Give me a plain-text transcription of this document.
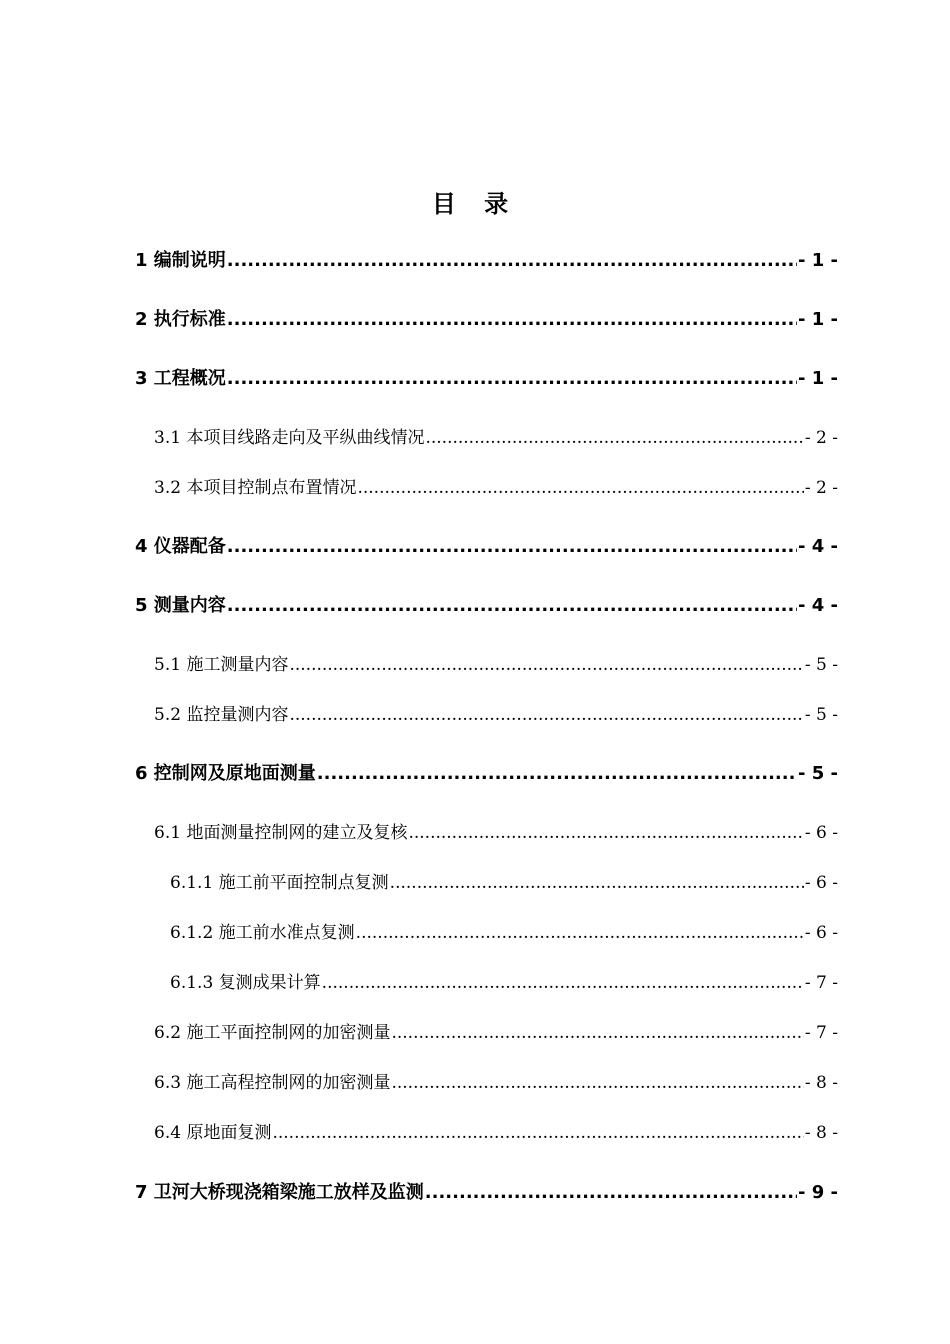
目 录
1 编制说明 .....	- 1 -
2 执行标准 .....	- 1 -
3 工程概况 .....	- 1 -
3.1 本项目线路走向及平纵曲线情况 .....	- 2 -
3.2 本项目控制点布置情况 .....	- 2 -
4 仪器配备 .....	- 4 -
5 测量内容 .....	- 4 -
5.1 施工测量内容 .....	- 5 -
5.2 监控量测内容 .....	- 5 -
6 控制网及原地面测量 .....	- 5 -
6.1 地面测量控制网的建立及复核 .....	- 6 -
6.1.1 施工前平面控制点复测 .....	- 6 -
6.1.2 施工前水准点复测 .....	- 6 -
6.1.3 复测成果计算 .....	- 7 -
6.2 施工平面控制网的加密测量 .....	- 7 -
6.3 施工高程控制网的加密测量 .....	- 8 -
6.4 原地面复测 .....	- 8 -
7 卫河大桥现浇箱梁施工放样及监测 .....	- 9 -
